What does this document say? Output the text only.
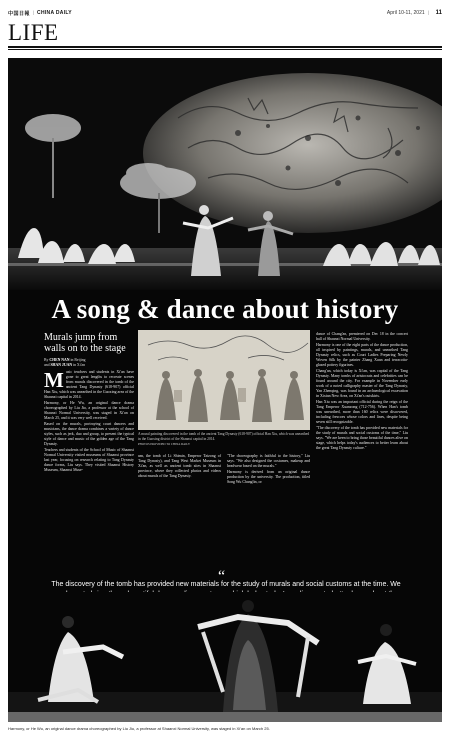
中国日報 | CHINA DAILY	April 10-11, 2021 | 11
LIFE
A song & dance about history
Murals jump from walls on to the stage
By CHEN NAN in Beijing
and SHAN JUAN in Xi'an

Music teachers and students in Xi'an have gone to great lengths to recreate scenes from murals discovered in the tomb of the ancient Tang Dynasty (618-907) official Han Xiu, which was unearthed in the Guoxing area of the Shaanxi capital in 2014.

Harmony, or He Wu, an original dance drama choreographed by Liu Jia, a professor at the school of Shaanxi Normal University, was staged in Xi'an on March 25, and it was very well received.

Based on the murals, portraying court dancers and musicians, the dance drama combines a variety of dance styles, such as jerk, duo and group, to present the typical style of dance and music of the golden age of the Tang Dynasty.

Teachers and students of the School of Music of Shaanxi Normal University visited museums of Shaanxi province last year, focusing on research relating to Tang Dynasty dance forms, Liu says. They visited Shaanxi History Museum, Shaanxi Muse-

A mural painting discovered in the tomb of the ancient Tang Dynasty (618-907) official Han Xiu, which was unearthed in the Guoxing district of the Shaanxi capital in 2014.
PHOTOS PROVIDED TO CHINA DAILY

um, the tomb of Li Shimin, Emperor Taizong of Tang Dynasty), and Tang West Market Museum in Xi'an, as well as ancient tomb sites in Shaanxi province, where they collected photos and videos about murals of the Tang Dynasty.

"The choreography is faithful to the history," Liu says. "We also designed the costumes, makeup and headwear based on the murals."

Harmony is derived from an original dance production by the university. The production, titled Song Wu Changlin, or

dance of Chang'an, premiered on Dec 18 in the concert hall of Shaanxi Normal University.

Harmony is one of the eight parts of the dance production, all inspired by paintings, murals, and unearthed Tang Dynasty relics, such as Court Ladies Preparing Newly Woven Silk by the painter Zhang Xuan and terracotta-glazed pottery figurines.

Chang'an, which today is Xi'an, was capital of the Tang Dynasty. Many tombs of aristocrats and celebrities can be found around the city. For example in November early work of a noted calligraphy master of the Tang Dynasty, Yan Zhenqing, was found in an archaeological excavation in Xixian New Area, on Xi'an's outskirts.

Han Xiu was an important official during the reign of the Tang Emperor Xuanzong (712-756). When Han's tomb was unearthed, more than 160 relics were discovered, including frescoes whose colors and lines, despite being seven still recognizable.

"The discovery of the tomb has provided new materials for the study of murals and social customs of the time," Liu says. "We are keen to bring those beautiful dances alive on stage, which helps today's audiences to better learn about the great Tang Dynasty culture."

“
The discovery of the tomb has provided new materials for the study of murals and social customs at the time. We
Harmony, or He Wu, an original dance drama choreographed by Liu Jiu, a professor at Shaanxi Normal University, was staged in Xi'an on March 25.
